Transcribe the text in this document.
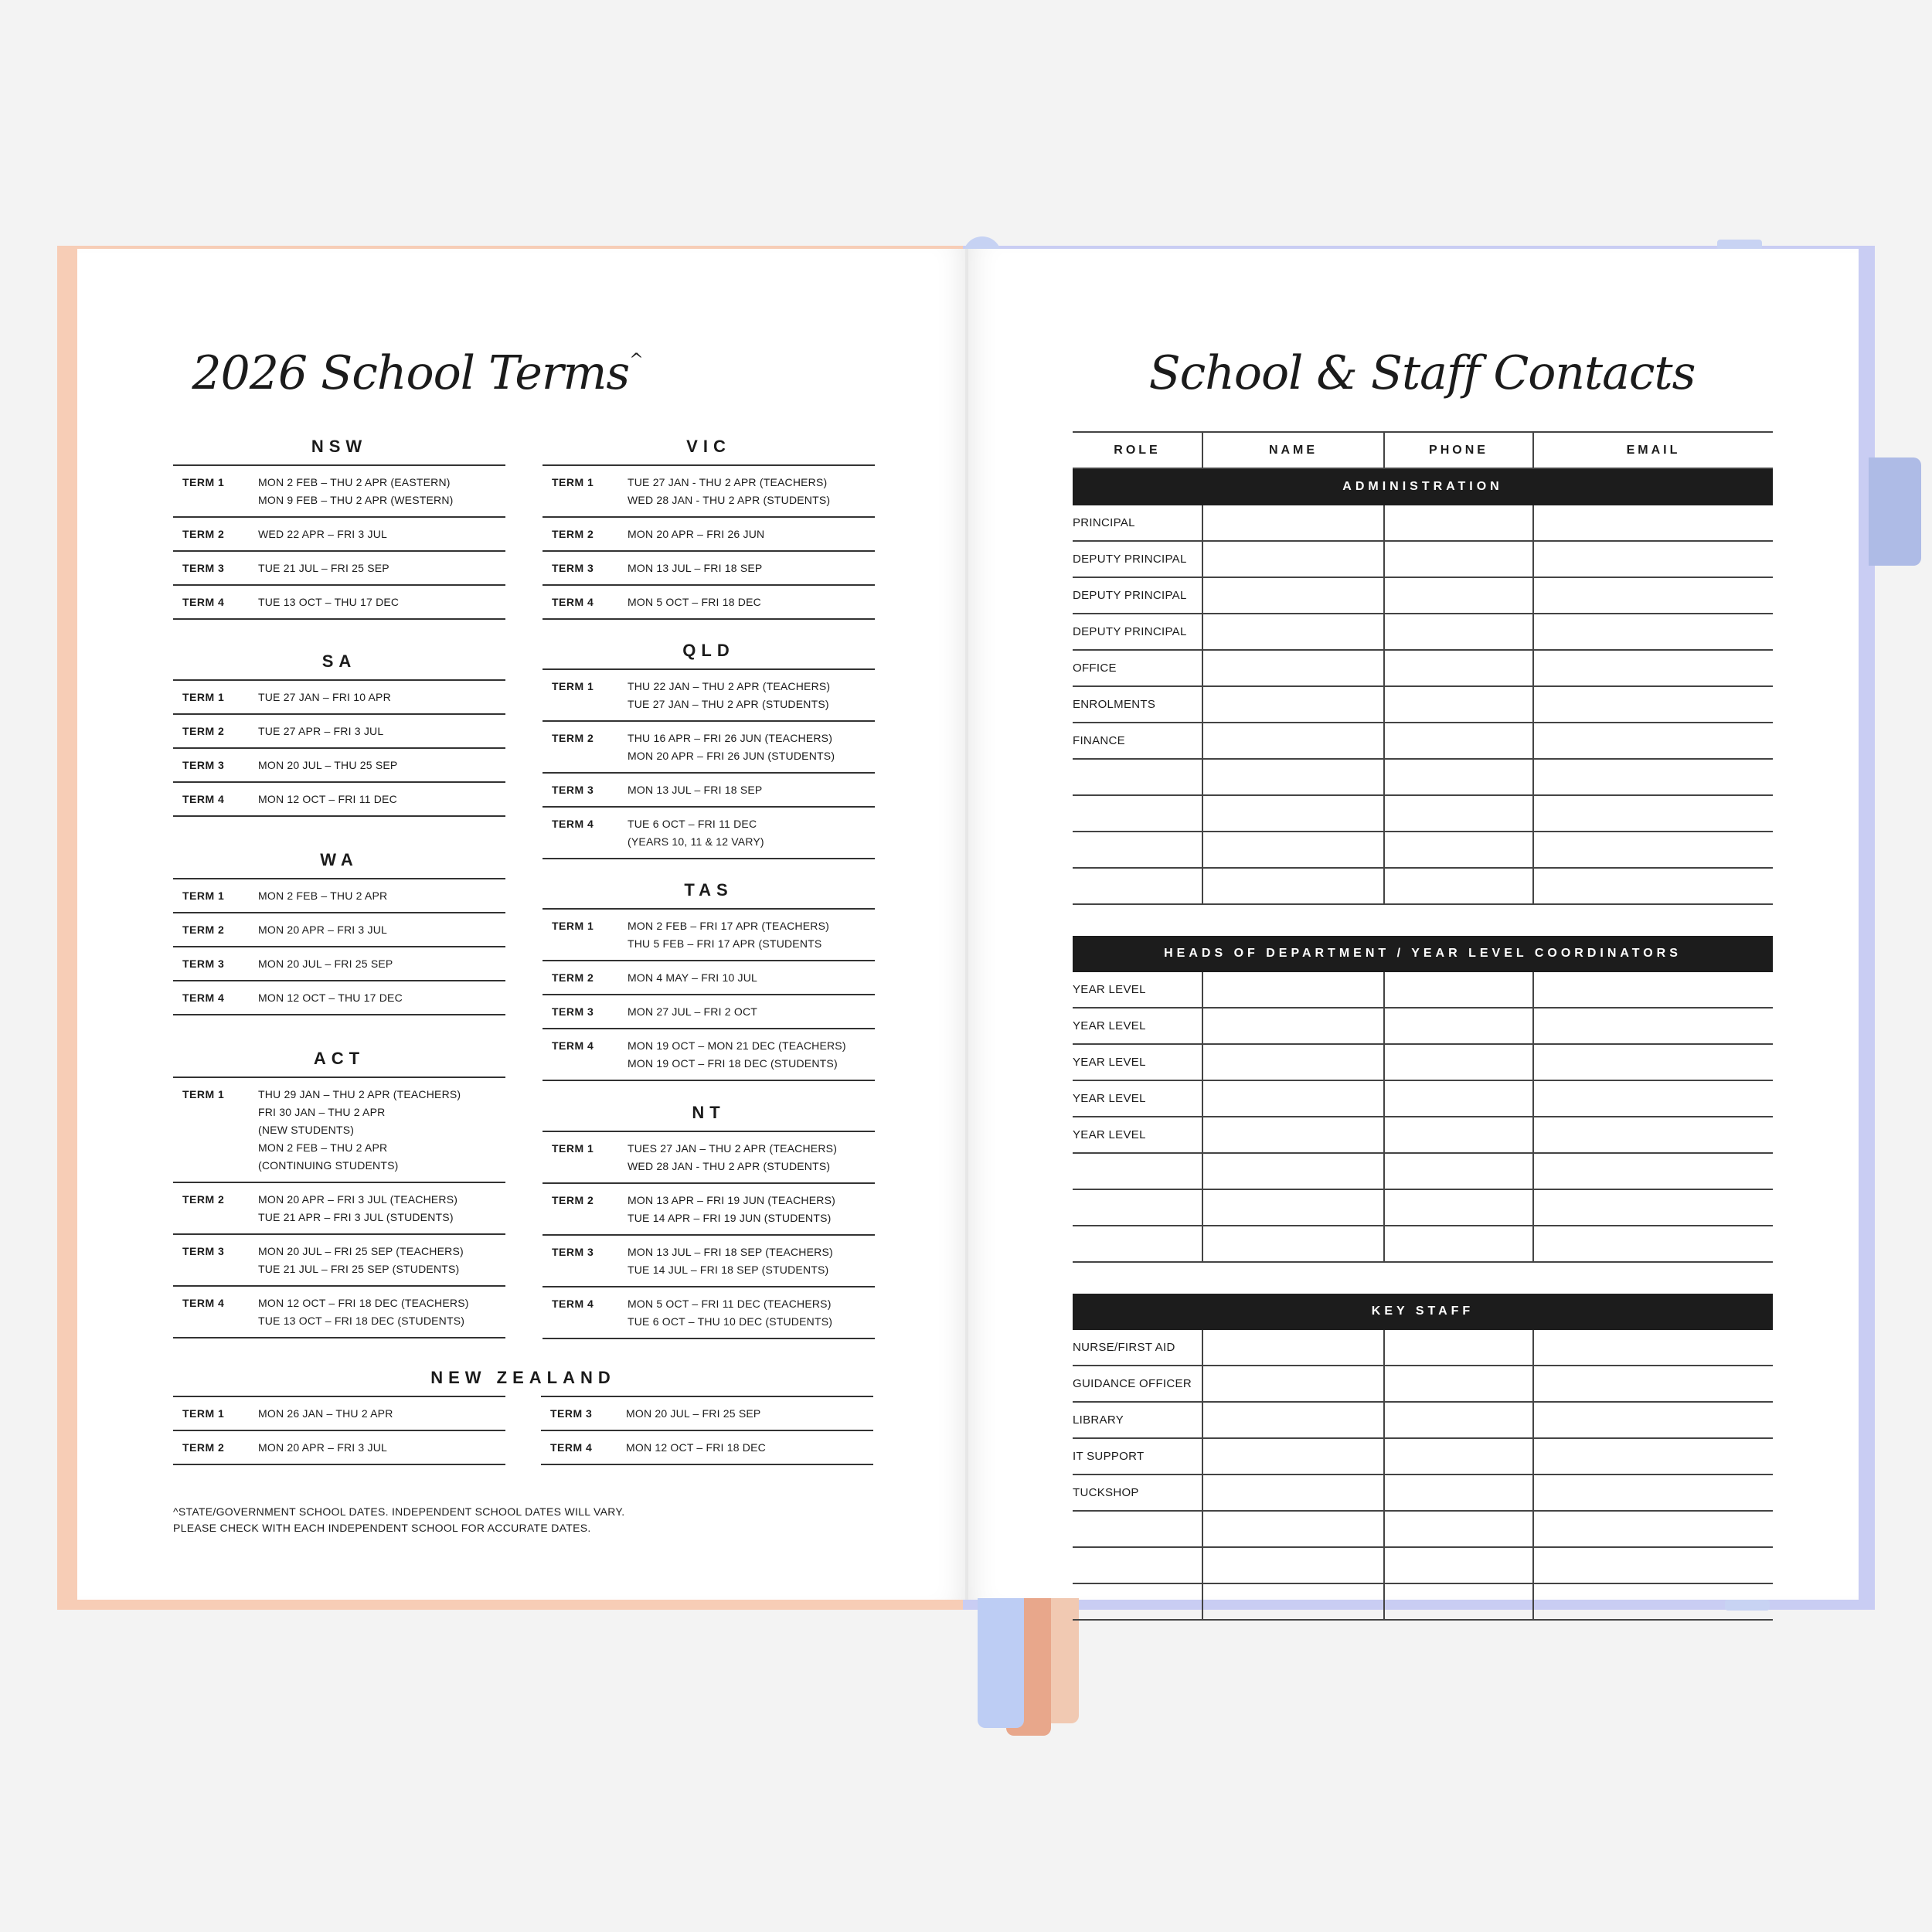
2026 School Terms^	School & Staff Contacts
NSW
TERM 1	MON 2 FEB – THU 2 APR (EASTERN)
MON 9 FEB – THU 2 APR (WESTERN)
TERM 2	WED 22 APR – FRI 3 JUL
TERM 3	TUE 21 JUL – FRI 25 SEP
TERM 4	TUE 13 OCT – THU 17 DEC
SA
TERM 1	TUE 27 JAN – FRI 10 APR
TERM 2	TUE 27 APR – FRI 3 JUL
TERM 3	MON 20 JUL – THU 25 SEP
TERM 4	MON 12 OCT – FRI 11 DEC
WA
TERM 1	MON 2 FEB – THU 2 APR
TERM 2	MON 20 APR – FRI 3 JUL
TERM 3	MON 20 JUL – FRI 25 SEP
TERM 4	MON 12 OCT – THU 17 DEC
ACT
TERM 1	THU 29 JAN – THU 2 APR (TEACHERS)
FRI 30 JAN – THU 2 APR
(NEW STUDENTS)
MON 2 FEB – THU 2 APR
(CONTINUING STUDENTS)
TERM 2	MON 20 APR – FRI 3 JUL (TEACHERS)
TUE 21 APR – FRI 3 JUL (STUDENTS)
TERM 3	MON 20 JUL – FRI 25 SEP (TEACHERS)
TUE 21 JUL – FRI 25 SEP (STUDENTS)
TERM 4	MON 12 OCT – FRI 18 DEC (TEACHERS)
TUE 13 OCT – FRI 18 DEC (STUDENTS)
VIC
TERM 1	TUE 27 JAN - THU 2 APR (TEACHERS)
WED 28 JAN - THU 2 APR (STUDENTS)
TERM 2	MON 20 APR – FRI 26 JUN
TERM 3	MON 13 JUL – FRI 18 SEP
TERM 4	MON 5 OCT – FRI 18 DEC
QLD
TERM 1	THU 22 JAN – THU 2 APR (TEACHERS)
TUE 27 JAN – THU 2 APR (STUDENTS)
TERM 2	THU 16 APR – FRI 26 JUN (TEACHERS)
MON 20 APR – FRI 26 JUN (STUDENTS)
TERM 3	MON 13 JUL – FRI 18 SEP
TERM 4	TUE 6 OCT – FRI 11 DEC
(YEARS 10, 11 & 12 VARY)
TAS
TERM 1	MON 2 FEB – FRI 17 APR (TEACHERS)
THU 5 FEB – FRI 17 APR (STUDENTS
TERM 2	MON 4 MAY – FRI 10 JUL
TERM 3	MON 27 JUL – FRI 2 OCT
TERM 4	MON 19 OCT – MON 21 DEC (TEACHERS)
MON 19 OCT – FRI 18 DEC (STUDENTS)
NT
TERM 1	TUES 27 JAN – THU 2 APR (TEACHERS)
WED 28 JAN - THU 2 APR (STUDENTS)
TERM 2	MON 13 APR – FRI 19 JUN (TEACHERS)
TUE 14 APR – FRI 19 JUN (STUDENTS)
TERM 3	MON 13 JUL – FRI 18 SEP (TEACHERS)
TUE 14 JUL – FRI 18 SEP (STUDENTS)
TERM 4	MON 5 OCT – FRI 11 DEC (TEACHERS)
TUE 6 OCT – THU 10 DEC (STUDENTS)
NEW ZEALAND
TERM 1	MON 26 JAN – THU 2 APR
TERM 2	MON 20 APR – FRI 3 JUL
TERM 3	MON 20 JUL – FRI 25 SEP
TERM 4	MON 12 OCT – FRI 18 DEC
^STATE/GOVERNMENT SCHOOL DATES. INDEPENDENT SCHOOL DATES WILL VARY.
PLEASE CHECK WITH EACH INDEPENDENT SCHOOL FOR ACCURATE DATES.
ROLE	NAME	PHONE	EMAIL
ADMINISTRATION			
PRINCIPAL			
DEPUTY PRINCIPAL			
DEPUTY PRINCIPAL			
DEPUTY PRINCIPAL			
OFFICE			
ENROLMENTS			
FINANCE			

HEADS OF DEPARTMENT / YEAR LEVEL COORDINATORS			
YEAR LEVEL			
YEAR LEVEL			
YEAR LEVEL			
YEAR LEVEL			
YEAR LEVEL			

KEY STAFF			
NURSE/FIRST AID			
GUIDANCE OFFICER			
LIBRARY			
IT SUPPORT			
TUCKSHOP			
